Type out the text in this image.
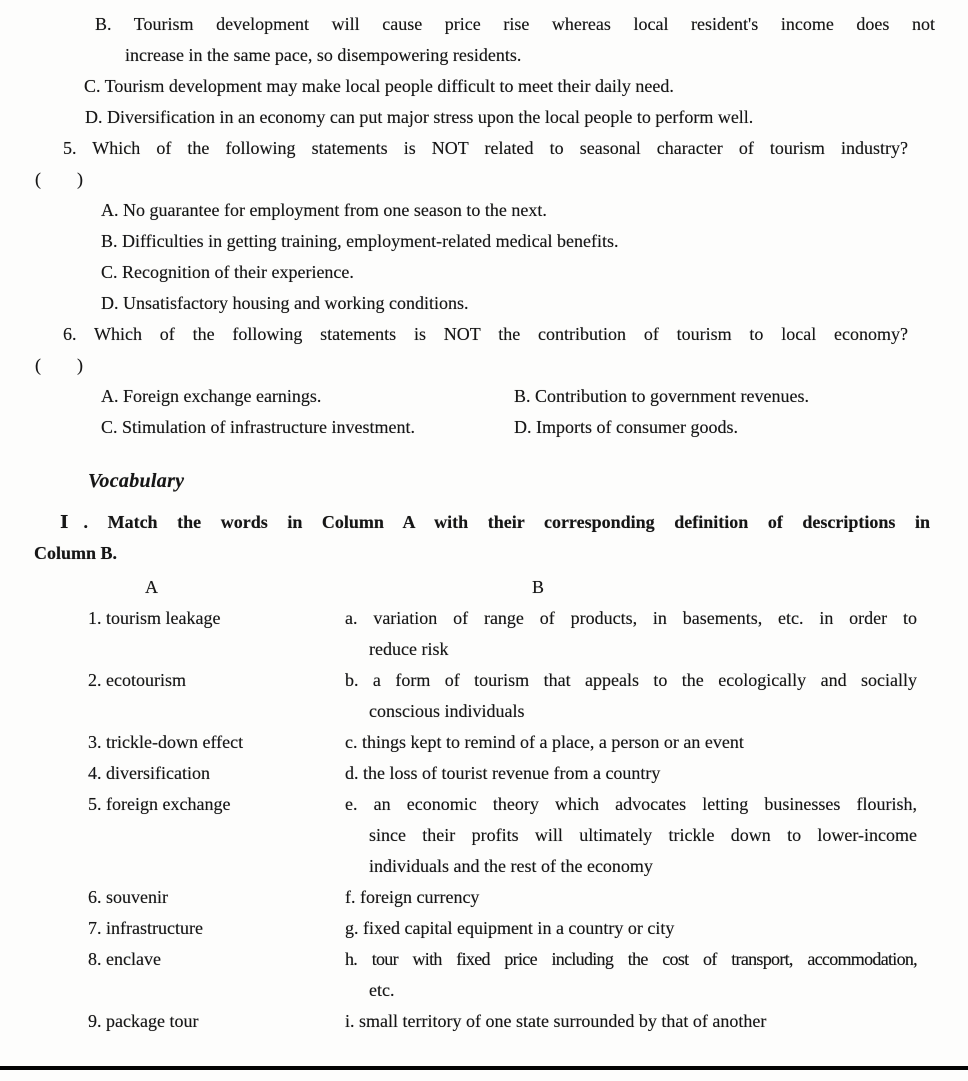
B. Tourism development will cause price rise whereas local resident's income does not
increase in the same pace, so disempowering residents.
C. Tourism development may make local people difficult to meet their daily need.
D. Diversification in an economy can put major stress upon the local people to perform well.
5. Which of the following statements is NOT related to seasonal character of tourism industry?
(        )
A. No guarantee for employment from one season to the next.
B. Difficulties in getting training, employment-related medical benefits.
C. Recognition of their experience.
D. Unsatisfactory housing and working conditions.
6. Which of the following statements is NOT the contribution of tourism to local economy?
(        )
A. Foreign exchange earnings.	B. Contribution to government revenues.
C. Stimulation of infrastructure investment.	D. Imports of consumer goods.
Vocabulary
Ⅰ. Match the words in Column A with their corresponding definition of descriptions in
Column B.
A	B
1. tourism leakage	a. variation of range of products, in basements, etc. in order to
reduce risk
2. ecotourism	b. a form of tourism that appeals to the ecologically and socially
conscious individuals
3. trickle-down effect	c. things kept to remind of a place, a person or an event
4. diversification	d. the loss of tourist revenue from a country
5. foreign exchange	e. an economic theory which advocates letting businesses flourish,
since their profits will ultimately trickle down to lower-income
individuals and the rest of the economy
6. souvenir	f. foreign currency
7. infrastructure	g. fixed capital equipment in a country or city
8. enclave	h. tour with fixed price including the cost of transport, accommodation,
etc.
9. package tour	i. small territory of one state surrounded by that of another
